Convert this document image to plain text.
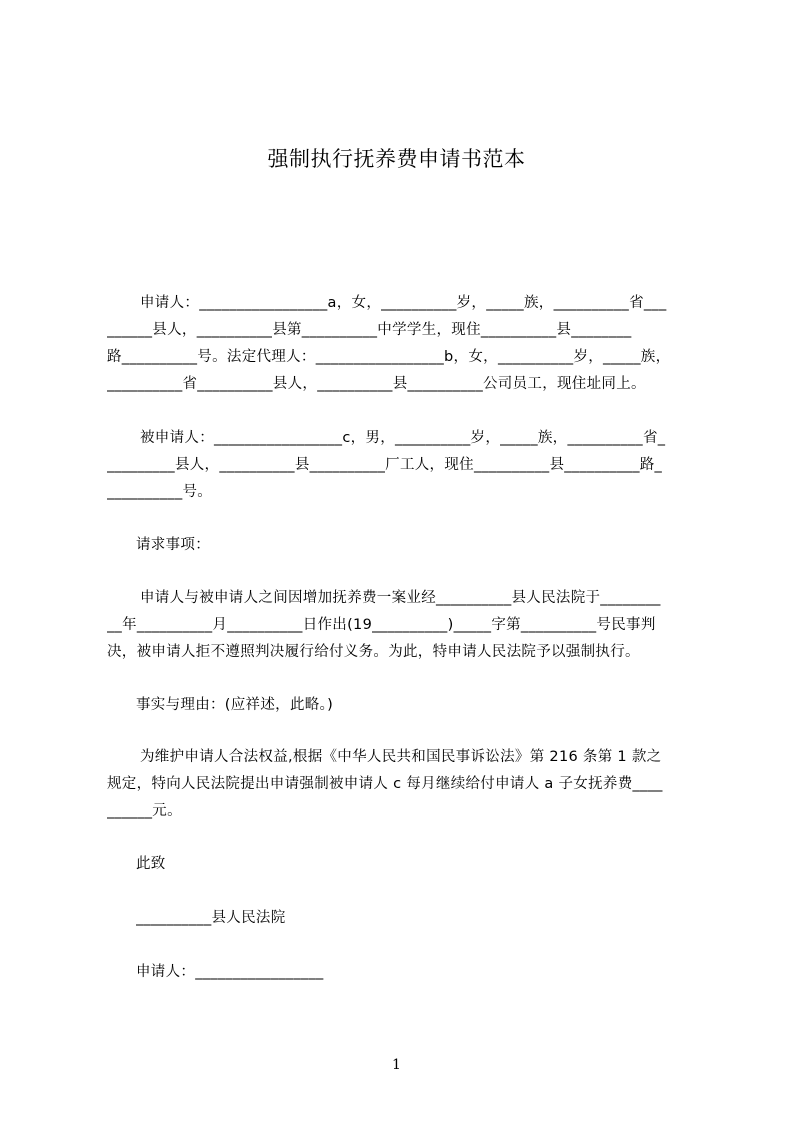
强制执行抚养费申请书范本
申请人：_________________a，女，__________岁，_____族，__________省___
______县人，__________县第__________中学学生，现住__________县________
路__________号。法定代理人：_________________b，女，__________岁，_____族，
__________省__________县人，__________县__________公司员工，现住址同上。
被申请人：_________________c，男，__________岁，_____族，__________省_
_________县人，__________县__________厂工人，现住__________县__________路_
__________号。
请求事项：
申请人与被申请人之间因增加抚养费一案业经__________县人民法院于________
__年__________月__________日作出(19__________)_____字第__________号民事判
决，被申请人拒不遵照判决履行给付义务。为此，特申请人民法院予以强制执行。
事实与理由：(应祥述，此略。)
为维护申请人合法权益,根据《中华人民共和国民事诉讼法》第 216 条第 1 款之
规定，特向人民法院提出申请强制被申请人 c 每月继续给付申请人 a 子女抚养费____
______元。
此致
__________县人民法院
申请人：_________________
1
